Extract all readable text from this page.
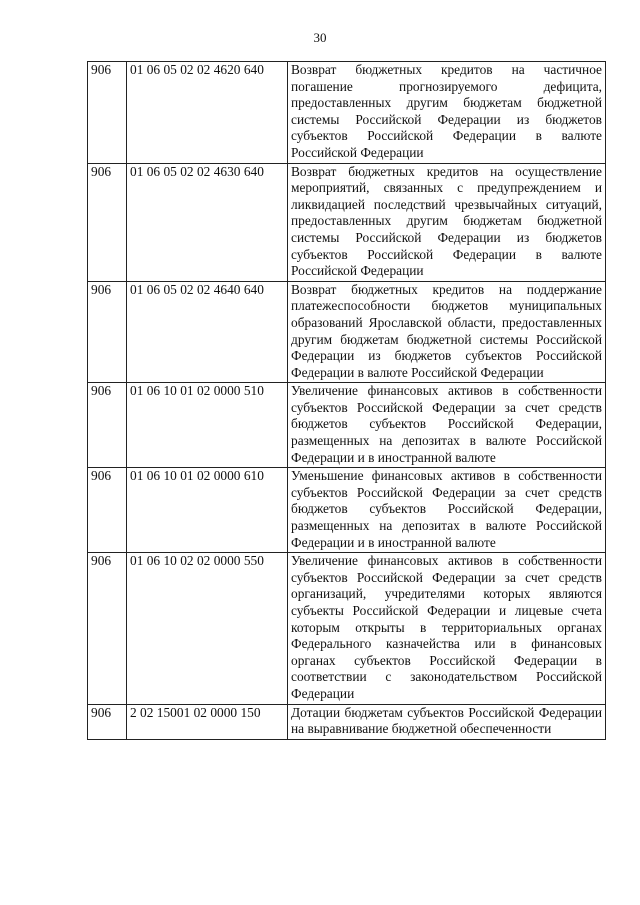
30
906	01 06 05 02 02 4620 640	Возврат бюджетных кредитов на частичное погашение прогнозируемого дефицита, предоставленных другим бюджетам бюджетной системы Российской Федерации из бюджетов субъектов Российской Федерации в валюте Российской Федерации
906	01 06 05 02 02 4630 640	Возврат бюджетных кредитов на осуществление мероприятий, связанных с предупреждением и ликвидацией последствий чрезвычайных ситуаций, предоставленных другим бюджетам бюджетной системы Российской Федерации из бюджетов субъектов Российской Федерации в валюте Российской Федерации
906	01 06 05 02 02 4640 640	Возврат бюджетных кредитов на поддержание платежеспособности бюджетов муниципальных образований Ярославской области, предоставленных другим бюджетам бюджетной системы Российской Федерации из бюджетов субъектов Российской Федерации в валюте Российской Федерации
906	01 06 10 01 02 0000 510	Увеличение финансовых активов в собственности субъектов Российской Федерации за счет средств бюджетов субъектов Российской Федерации, размещенных на депозитах в валюте Российской Федерации и в иностранной валюте
906	01 06 10 01 02 0000 610	Уменьшение финансовых активов в собственности субъектов Российской Федерации за счет средств бюджетов субъектов Российской Федерации, размещенных на депозитах в валюте Российской Федерации и в иностранной валюте
906	01 06 10 02 02 0000 550	Увеличение финансовых активов в собственности субъектов Российской Федерации за счет средств организаций, учредителями которых являются субъекты Российской Федерации и лицевые счета которым открыты в территориальных органах Федерального казначейства или в финансовых органах субъектов Российской Федерации в соответствии с законодательством Российской Федерации
906	2 02 15001 02 0000 150	Дотации бюджетам субъектов Российской Федерации на выравнивание бюджетной обеспеченности
